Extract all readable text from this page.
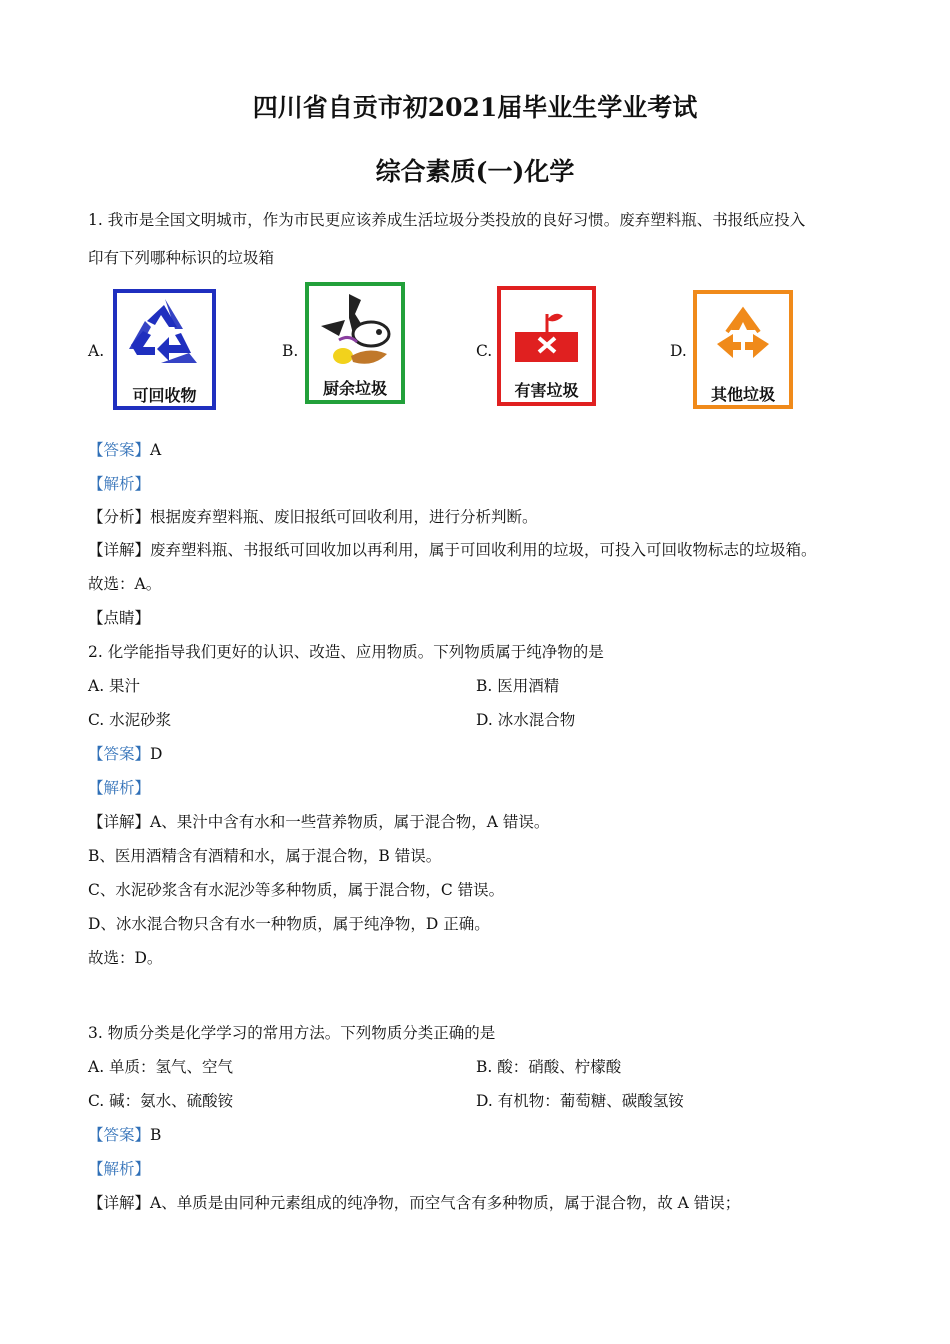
四川省自贡市初2021届毕业生学业考试
综合素质(一)化学
1. 我市是全国文明城市，作为市民更应该养成生活垃圾分类投放的良好习惯。废弃塑料瓶、书报纸应投入
印有下列哪种标识的垃圾箱
A.
可回收物
B.
厨余垃圾
C.
有害垃圾
D.
其他垃圾
【答案】A
【解析】
【分析】根据废弃塑料瓶、废旧报纸可回收利用，进行分析判断。
【详解】废弃塑料瓶、书报纸可回收加以再利用，属于可回收利用的垃圾，可投入可回收物标志的垃圾箱。
故选：A。
【点睛】
2. 化学能指导我们更好的认识、改造、应用物质。下列物质属于纯净物的是
A. 果汁	B. 医用酒精
C. 水泥砂浆	D. 冰水混合物
【答案】D
【解析】
【详解】A、果汁中含有水和一些营养物质，属于混合物，A 错误。
B、医用酒精含有酒精和水，属于混合物，B 错误。
C、水泥砂浆含有水泥沙等多种物质，属于混合物，C 错误。
D、冰水混合物只含有水一种物质，属于纯净物，D 正确。
故选：D。
3. 物质分类是化学学习的常用方法。下列物质分类正确的是
A. 单质：氢气、空气	B. 酸：硝酸、柠檬酸
C. 碱：氨水、硫酸铵	D. 有机物：葡萄糖、碳酸氢铵
【答案】B
【解析】
【详解】A、单质是由同种元素组成的纯净物，而空气含有多种物质，属于混合物，故 A 错误；
